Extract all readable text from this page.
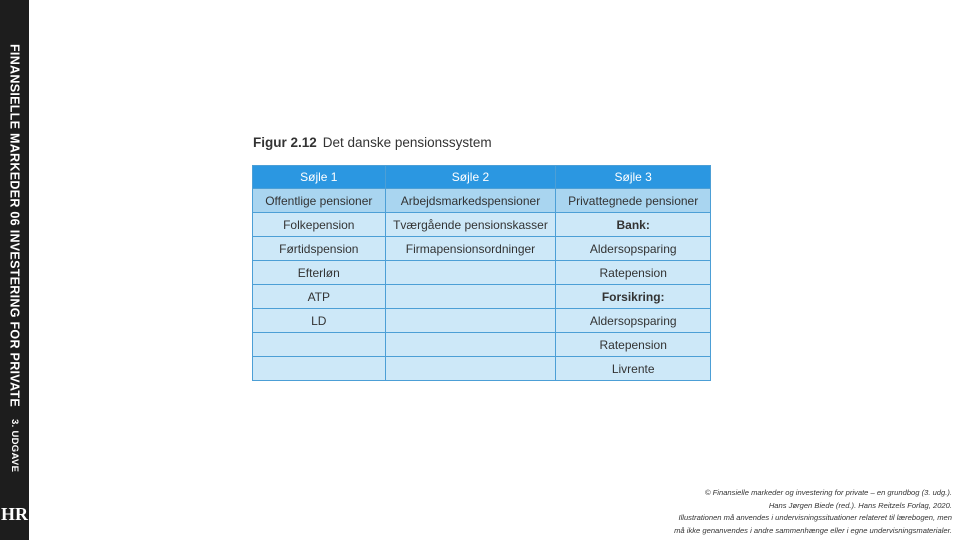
FINANSIELLE MARKEDER 06 INVESTERING FOR PRIVATE
3. UDGAVE
HR
Figur 2.12 Det danske pensionssystem
Søjle 1	Søjle 2	Søjle 3
Offentlige pensioner	Arbejdsmarkedspensioner	Privattegnede pensioner
Folkepension	Tværgående pensionskasser	Bank:
Førtidspension	Firmapensionsordninger	Aldersopsparing
Efterløn		Ratepension
ATP		Forsikring:
LD		Aldersopsparing
		Ratepension
		Livrente
© Finansielle markeder og investering for private – en grundbog (3. udg.).
Hans Jørgen Biede (red.). Hans Reitzels Forlag, 2020.
Illustrationen må anvendes i undervisningssituationer relateret til lærebogen, men
må ikke genanvendes i andre sammenhænge eller i egne undervisningsmaterialer.
